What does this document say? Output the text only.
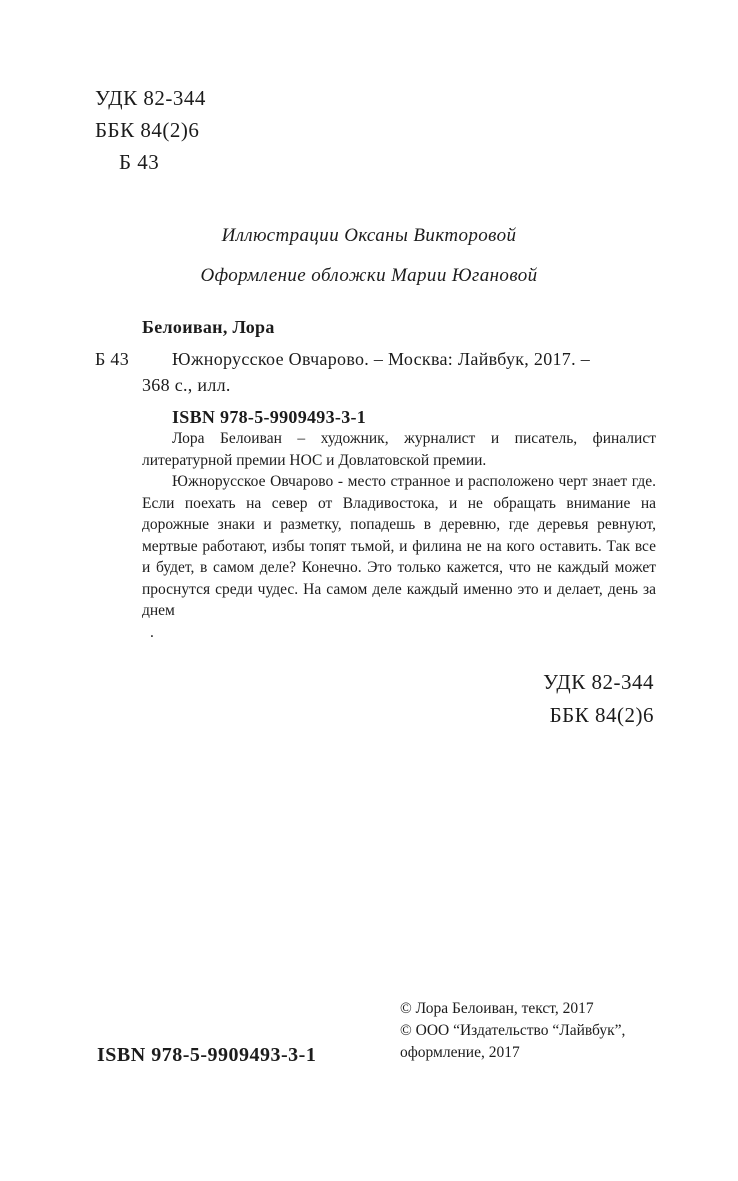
УДК 82-344
ББК 84(2)6
Б 43
Иллюстрации Оксаны Викторовой
Оформление обложки Марии Югановой
Белоиван, Лора
Б 43 Южнорусское Овчарово. – Москва: Лайвбук, 2017. –
368 с., илл.
ISBN 978-5-9909493-3-1

Лора Белоиван – художник, журналист и писатель, финалист литературной премии НОС и Довлатовской премии.

Южнорусское Овчарово - место странное и расположено черт знает где. Если поехать на север от Владивостока, и не обращать внимание на дорожные знаки и разметку, попадешь в деревню, где деревья ревнуют, мертвые работают, избы топят тьмой, и филина не на кого оставить. Так все и будет, в самом деле? Конечно. Это только кажется, что не каждый может проснутся среди чудес. На самом деле каждый именно это и делает, день за днем

.

УДК 82-344
ББК 84(2)6
© Лора Белоиван, текст, 2017
© ООО “Издательство “Лайвбук”,
оформление, 2017
ISBN 978-5-9909493-3-1
